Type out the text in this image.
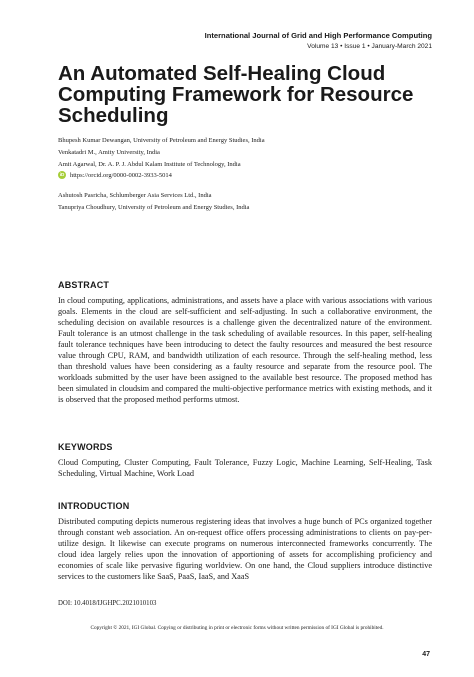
International Journal of Grid and High Performance Computing
Volume 13 • Issue 1 • January-March 2021
An Automated Self-Healing Cloud Computing Framework for Resource Scheduling
Bhupesh Kumar Dewangan, University of Petroleum and Energy Studies, India
Venkatadri M., Amity University, India
Amit Agarwal, Dr. A. P. J. Abdul Kalam Institute of Technology, India
iD https://orcid.org/0000-0002-3933-5014
Ashutosh Pasricha, Schlumberger Asia Services Ltd., India
Tanupriya Choudhury, University of Petroleum and Energy Studies, India
ABSTRACT

In cloud computing, applications, administrations, and assets have a place with various associations with various goals. Elements in the cloud are self-sufficient and self-adjusting. In such a collaborative environment, the scheduling decision on available resources is a challenge given the decentralized nature of the environment. Fault tolerance is an utmost challenge in the task scheduling of available resources. In this paper, self-healing fault tolerance techniques have been introducing to detect the faulty resources and measured the best resource value through CPU, RAM, and bandwidth utilization of each resource. Through the self-healing method, less than threshold values have been considering as a faulty resource and separate from the resource pool. The workloads submitted by the user have been assigned to the available best resource. The proposed method has been simulated in cloudsim and compared the multi-objective performance metrics with existing methods, and it is observed that the proposed method performs utmost.

KEYWORDS

Cloud Computing, Cluster Computing, Fault Tolerance, Fuzzy Logic, Machine Learning, Self-Healing, Task Scheduling, Virtual Machine, Work Load

INTRODUCTION

Distributed computing depicts numerous registering ideas that involves a huge bunch of PCs organized together through constant web association. An on-request office offers processing administrations to clients on pay-per-utilize design. It likewise can execute programs on numerous interconnected frameworks concurrently. The cloud idea largely relies upon the innovation of apportioning of assets for accomplishing proficiency and economies of scale like pervasive figuring worldview. On one hand, the Cloud suppliers introduce distinctive services to the customers like SaaS, PaaS, IaaS, and XaaS

DOI: 10.4018/IJGHPC.2021010103
Copyright © 2021, IGI Global. Copying or distributing in print or electronic forms without written permission of IGI Global is prohibited.
47
